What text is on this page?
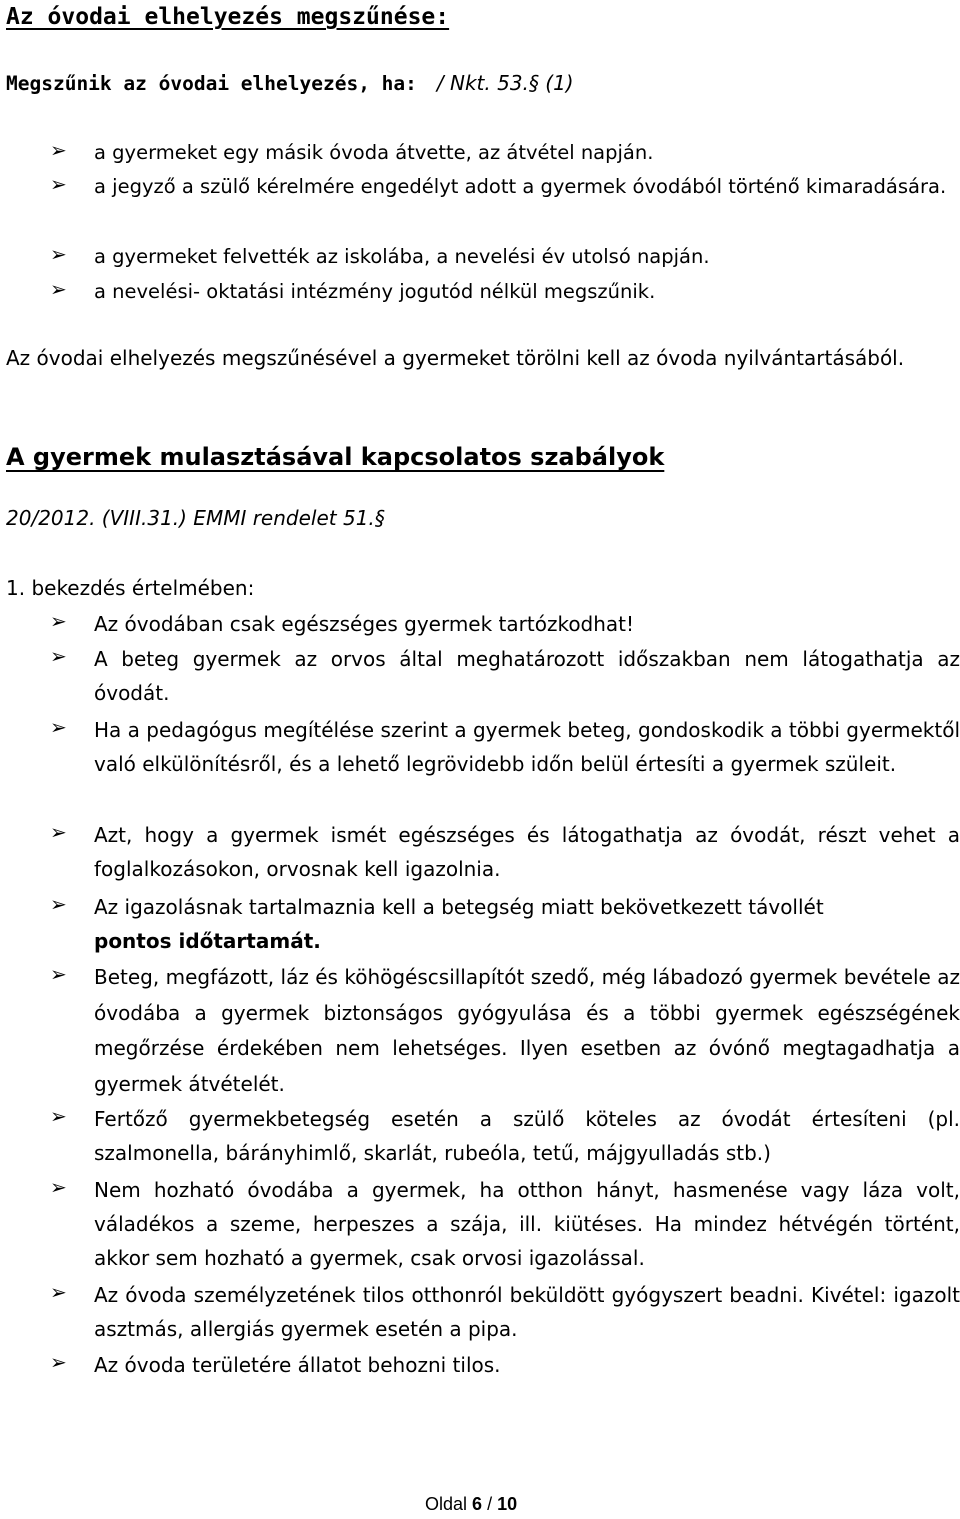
Az óvodai elhelyezés megszűnése:
Megszűnik az óvodai elhelyezés, ha: / Nkt. 53.§ (1)
➢ a gyermeket egy másik óvoda átvette, az átvétel napján.
➢ a jegyző a szülő kérelmére engedélyt adott a gyermek óvodából történő kimaradására.
➢ a gyermeket felvették az iskolába, a nevelési év utolsó napján.
➢ a nevelési- oktatási intézmény jogutód nélkül megszűnik.
Az óvodai elhelyezés megszűnésével a gyermeket törölni kell az óvoda nyilvántartásából.
A gyermek mulasztásával kapcsolatos szabályok
20/2012. (VIII.31.) EMMI rendelet 51.§
1. bekezdés értelmében:
➢ Az óvodában csak egészséges gyermek tartózkodhat!
➢ A beteg gyermek az orvos által meghatározott időszakban nem látogathatja az óvodát.
➢ Ha a pedagógus megítélése szerint a gyermek beteg, gondoskodik a többi gyermektől való elkülönítésről, és a lehető legrövidebb időn belül értesíti a gyermek szüleit.
➢ Azt, hogy a gyermek ismét egészséges és látogathatja az óvodát, részt vehet a foglalkozásokon, orvosnak kell igazolnia.
➢ Az igazolásnak tartalmaznia kell a betegség miatt bekövetkezett távollét
pontos időtartamát.
➢ Beteg, megfázott, láz és köhögéscsillapítót szedő, még lábadozó gyermek bevétele az óvodába a gyermek biztonságos gyógyulása és a többi gyermek egészségének megőrzése érdekében nem lehetséges. Ilyen esetben az óvónő megtagadhatja a gyermek átvételét.
➢ Fertőző gyermekbetegség esetén a szülő köteles az óvodát értesíteni (pl. szalmonella, bárányhimlő, skarlát, rubeóla, tetű, májgyulladás stb.)
➢ Nem hozható óvodába a gyermek, ha otthon hányt, hasmenése vagy láza volt, váladékos a szeme, herpeszes a szája, ill. kiütéses. Ha mindez hétvégén történt, akkor sem hozható a gyermek, csak orvosi igazolással.
➢ Az óvoda személyzetének tilos otthonról beküldött gyógyszert beadni. Kivétel: igazolt asztmás, allergiás gyermek esetén a pipa.
➢ Az óvoda területére állatot behozni tilos.
Oldal 6 / 10
